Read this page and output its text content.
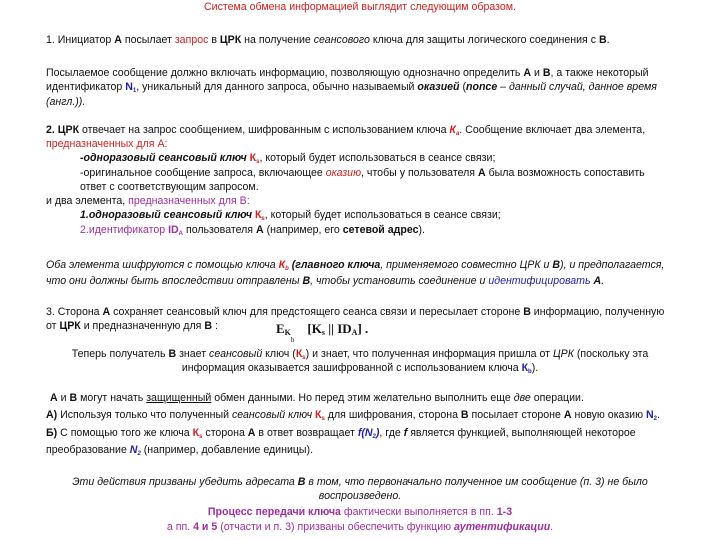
Система обмена информацией выглядит следующим образом.
1. Инициатор А посылает запрос в ЦРК на получение сеансового ключа для защиты логического соединения с В.
Посылаемое сообщение должно включать информацию, позволяющую однозначно определить А и В, а также некоторый
идентификатор $N_1$, уникальный для данного запроса, обычно называемый оказией (nonce – данный случай, данное время
(англ.)).
2. ЦРК отвечает на запрос сообщением, шифрованным с использованием ключа $К_a$. Сообщение включает два элемента,
предназначенных для А:
-одноразовый сеансовый ключ $К_s$, который будет использоваться в сеансе связи;
-оригинальное сообщение запроса, включающее оказию, чтобы у пользователя А была возможность сопоставить
ответ с соответствующим запросом.
и два элемента, предназначенных для В:
1.одноразовый сеансовый ключ $К_s$, который будет использоваться в сеансе связи;
2.идентификатор $ID_A$ пользователя А (например, его сетевой адрес).
Оба элемента шифруются с помощью ключа $К_b$ (главного ключа, применяемого совместно ЦРК и В), и предполагается,
что они должны быть впоследствии отправлены В, чтобы установить соединение и идентифицировать А.
3. Сторона А сохраняет сеансовый ключ для предстоящего сеанса связи и пересылает стороне В информацию, полученную
от ЦРК и предназначенную для В :	$E_{Kb}$    [$K_s$ || $ID_A$] .
Теперь получатель В знает сеансовый ключ $(К_s)$ и знает, что полученная информация пришла от ЦРК (поскольку эта
информация оказывается зашифрованной с использованием ключа $К_b$).
А и В могут начать защищенный обмен данными. Но перед этим желательно выполнить еще две операции.
А) Используя только что полученный сеансовый ключ $К_s$ для шифрования, сторона В посылает стороне А новую оказию $N_2$.
Б) С помощью того же ключа $К_s$ сторона А в ответ возвращает $f(N_2)$, где f является функцией, выполняющей некоторое
преобразование $N_2$ (например, добавление единицы).
Эти действия призваны убедить адресата В в том, что первоначально полученное им сообщение (п. 3) не было
воспроизведено.
Процесс передачи ключа фактически выполняется в пп. 1-3
а пп. 4 и 5 (отчасти и п. 3) призваны обеспечить функцию аутентификации.
